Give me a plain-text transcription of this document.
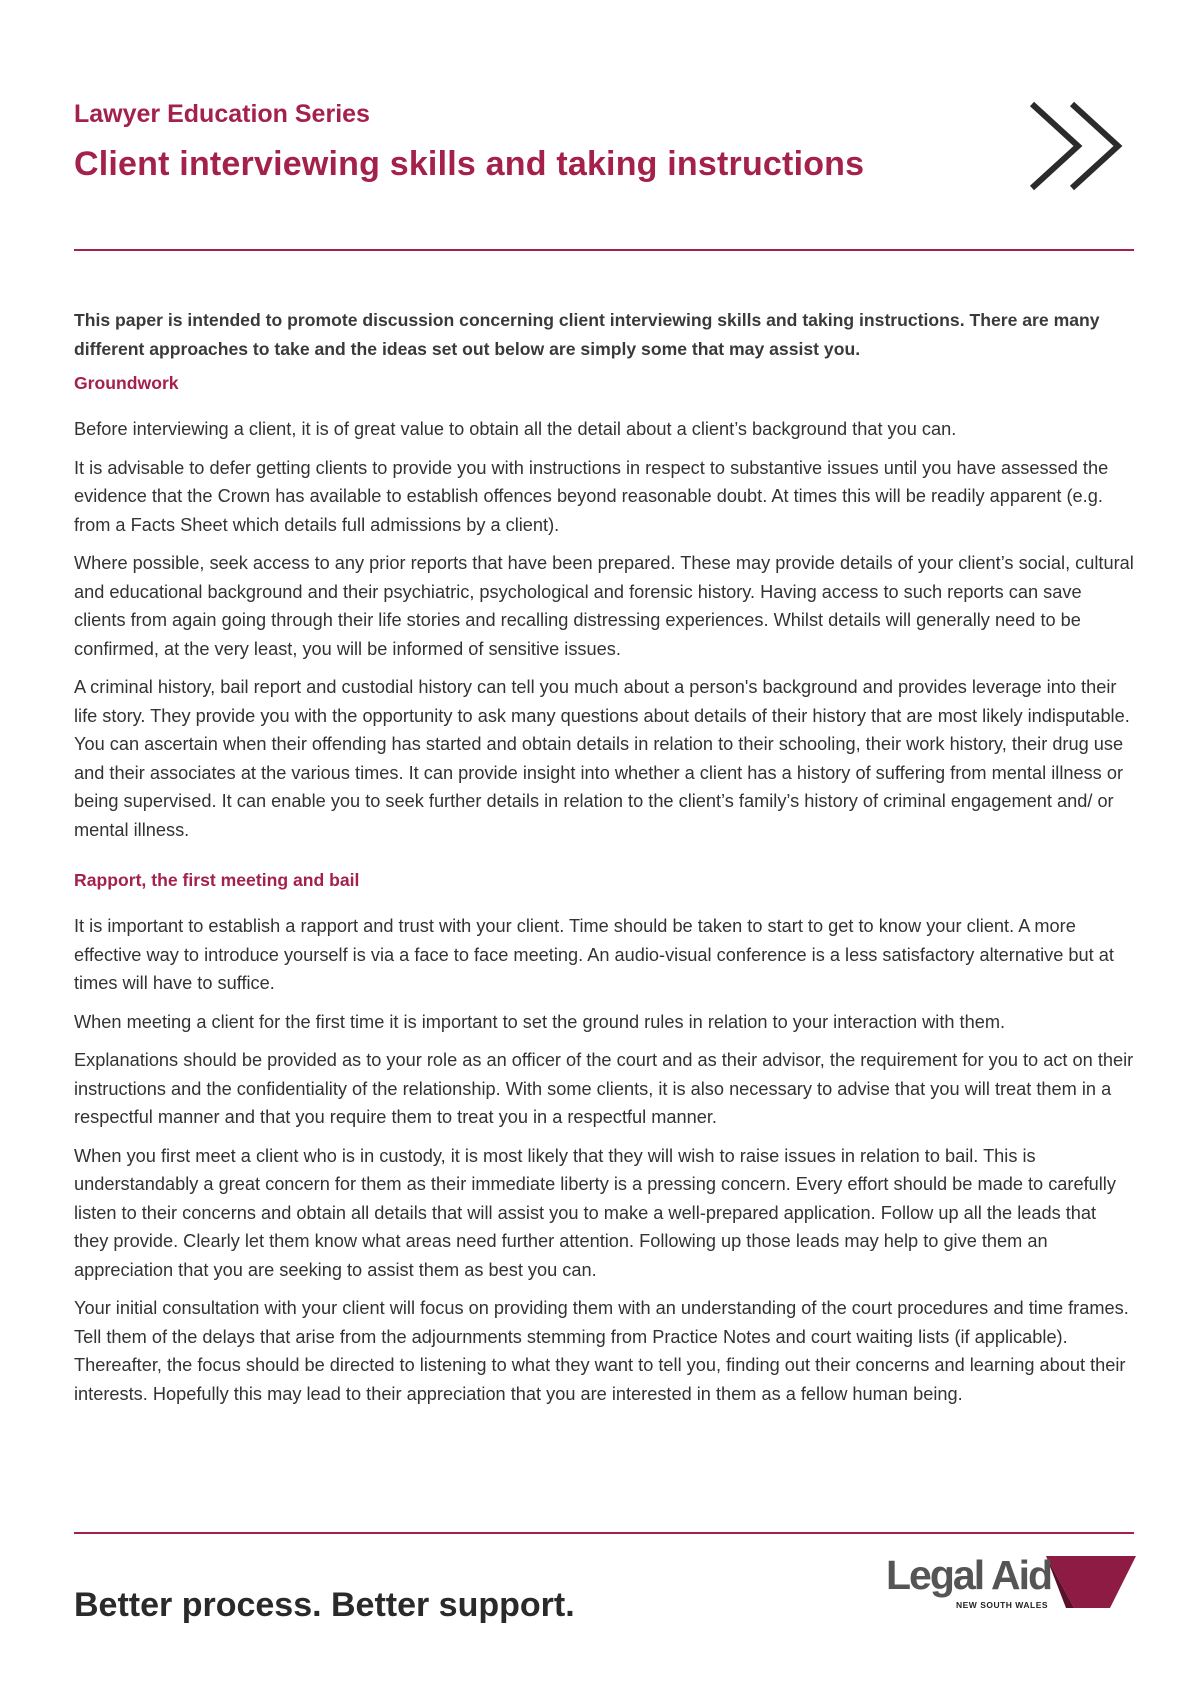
Lawyer Education Series
Client interviewing skills and taking instructions

This paper is intended to promote discussion concerning client interviewing skills and taking instructions. There are many different approaches to take and the ideas set out below are simply some that may assist you.

Groundwork

Before interviewing a client, it is of great value to obtain all the detail about a client’s background that you can.

It is advisable to defer getting clients to provide you with instructions in respect to substantive issues until you have assessed the evidence that the Crown has available to establish offences beyond reasonable doubt. At times this will be readily apparent (e.g. from a Facts Sheet which details full admissions by a client).

Where possible, seek access to any prior reports that have been prepared. These may provide details of your client’s social, cultural and educational background and their psychiatric, psychological and forensic history. Having access to such reports can save clients from again going through their life stories and recalling distressing experiences. Whilst details will generally need to be confirmed, at the very least, you will be informed of sensitive issues.

A criminal history, bail report and custodial history can tell you much about a person's background and provides leverage into their life story. They provide you with the opportunity to ask many questions about details of their history that are most likely indisputable. You can ascertain when their offending has started and obtain details in relation to their schooling, their work history, their drug use and their associates at the various times. It can provide insight into whether a client has a history of suffering from mental illness or being supervised. It can enable you to seek further details in relation to the client’s family’s history of criminal engagement and/ or mental illness.

Rapport, the first meeting and bail

It is important to establish a rapport and trust with your client. Time should be taken to start to get to know your client. A more effective way to introduce yourself is via a face to face meeting. An audio-visual conference is a less satisfactory alternative but at times will have to suffice.

When meeting a client for the first time it is important to set the ground rules in relation to your interaction with them.

Explanations should be provided as to your role as an officer of the court and as their advisor, the requirement for you to act on their instructions and the confidentiality of the relationship. With some clients, it is also necessary to advise that you will treat them in a respectful manner and that you require them to treat you in a respectful manner.

When you first meet a client who is in custody, it is most likely that they will wish to raise issues in relation to bail. This is understandably a great concern for them as their immediate liberty is a pressing concern. Every effort should be made to carefully listen to their concerns and obtain all details that will assist you to make a well-prepared application. Follow up all the leads that they provide. Clearly let them know what areas need further attention. Following up those leads may help to give them an appreciation that you are seeking to assist them as best you can.

Your initial consultation with your client will focus on providing them with an understanding of the court procedures and time frames. Tell them of the delays that arise from the adjournments stemming from Practice Notes and court waiting lists (if applicable). Thereafter, the focus should be directed to listening to what they want to tell you, finding out their concerns and learning about their interests. Hopefully this may lead to their appreciation that you are interested in them as a fellow human being.

Better process. Better support.
Legal Aid
NEW SOUTH WALES
